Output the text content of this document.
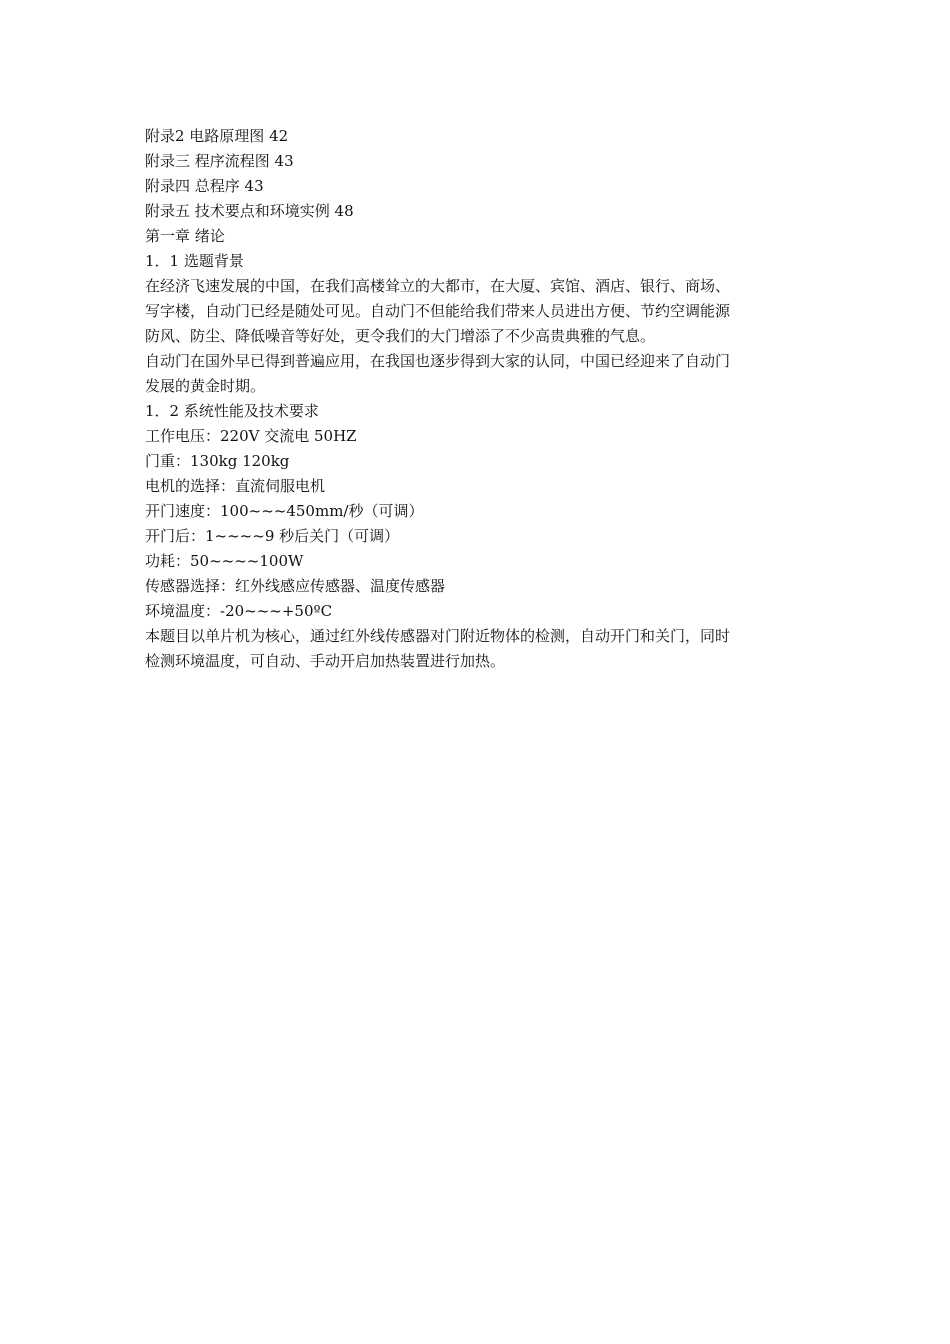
附录2 电路原理图 42

附录三 程序流程图 43

附录四 总程序 43

附录五 技术要点和环境实例 48

第一章 绪论

1．1 选题背景

在经济飞速发展的中国，在我们高楼耸立的大都市，在大厦、宾馆、酒店、银行、商场、
写字楼，自动门已经是随处可见。自动门不但能给我们带来人员进出方便、节约空调能源
防风、防尘、降低噪音等好处，更令我们的大门增添了不少高贵典雅的气息。
自动门在国外早已得到普遍应用，在我国也逐步得到大家的认同，中国已经迎来了自动门
发展的黄金时期。

1．2 系统性能及技术要求

工作电压：220V 交流电 50HZ

门重：130kg 120kg

电机的选择：直流伺服电机

开门速度：100~~~450mm/秒（可调）

开门后：1~~~~9 秒后关门（可调）

功耗：50~~~~100W

传感器选择：红外线感应传感器、温度传感器

环境温度：-20~~~+50ºC

本题目以单片机为核心，通过红外线传感器对门附近物体的检测，自动开门和关门，同时
检测环境温度，可自动、手动开启加热装置进行加热。
